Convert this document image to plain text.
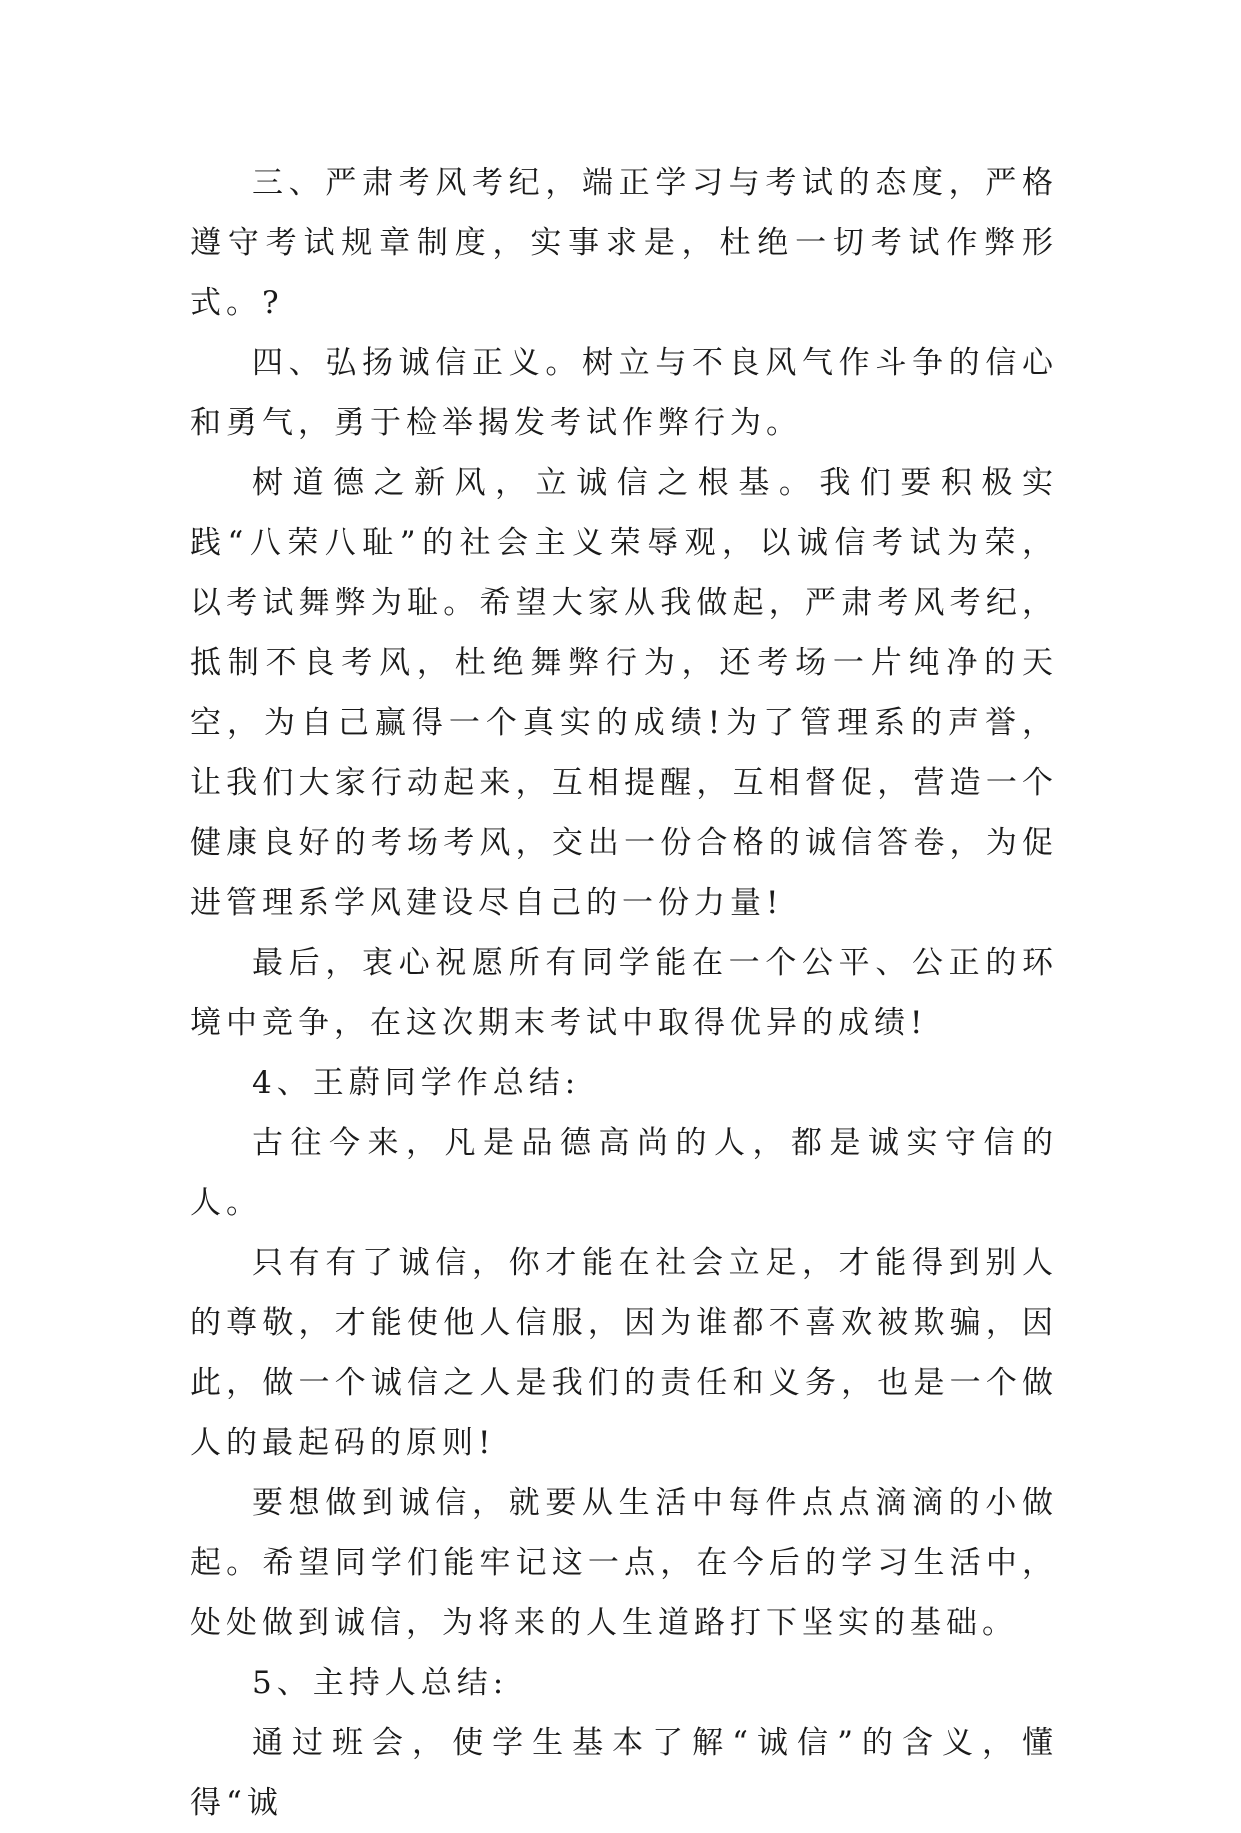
三、严肃考风考纪，端正学习与考试的态度，严格遵守考试规章制度，实事求是，杜绝一切考试作弊形式。?

四、弘扬诚信正义。树立与不良风气作斗争的信心和勇气，勇于检举揭发考试作弊行为。

树道德之新风，立诚信之根基。我们要积极实践“八荣八耻”的社会主义荣辱观，以诚信考试为荣，以考试舞弊为耻。希望大家从我做起，严肃考风考纪，抵制不良考风，杜绝舞弊行为，还考场一片纯净的天空，为自己赢得一个真实的成绩!为了管理系的声誉，让我们大家行动起来，互相提醒，互相督促，营造一个健康良好的考场考风，交出一份合格的诚信答卷，为促进管理系学风建设尽自己的一份力量!

最后，衷心祝愿所有同学能在一个公平、公正的环境中竞争，在这次期末考试中取得优异的成绩!

4、王蔚同学作总结:

古往今来，凡是品德高尚的人，都是诚实守信的人。

只有有了诚信，你才能在社会立足，才能得到别人的尊敬，才能使他人信服，因为谁都不喜欢被欺骗，因此，做一个诚信之人是我们的责任和义务，也是一个做人的最起码的原则!

要想做到诚信，就要从生活中每件点点滴滴的小做起。希望同学们能牢记这一点，在今后的学习生活中，处处做到诚信，为将来的人生道路打下坚实的基础。

5、主持人总结:

通过班会，使学生基本了解“诚信”的含义，懂得“诚
